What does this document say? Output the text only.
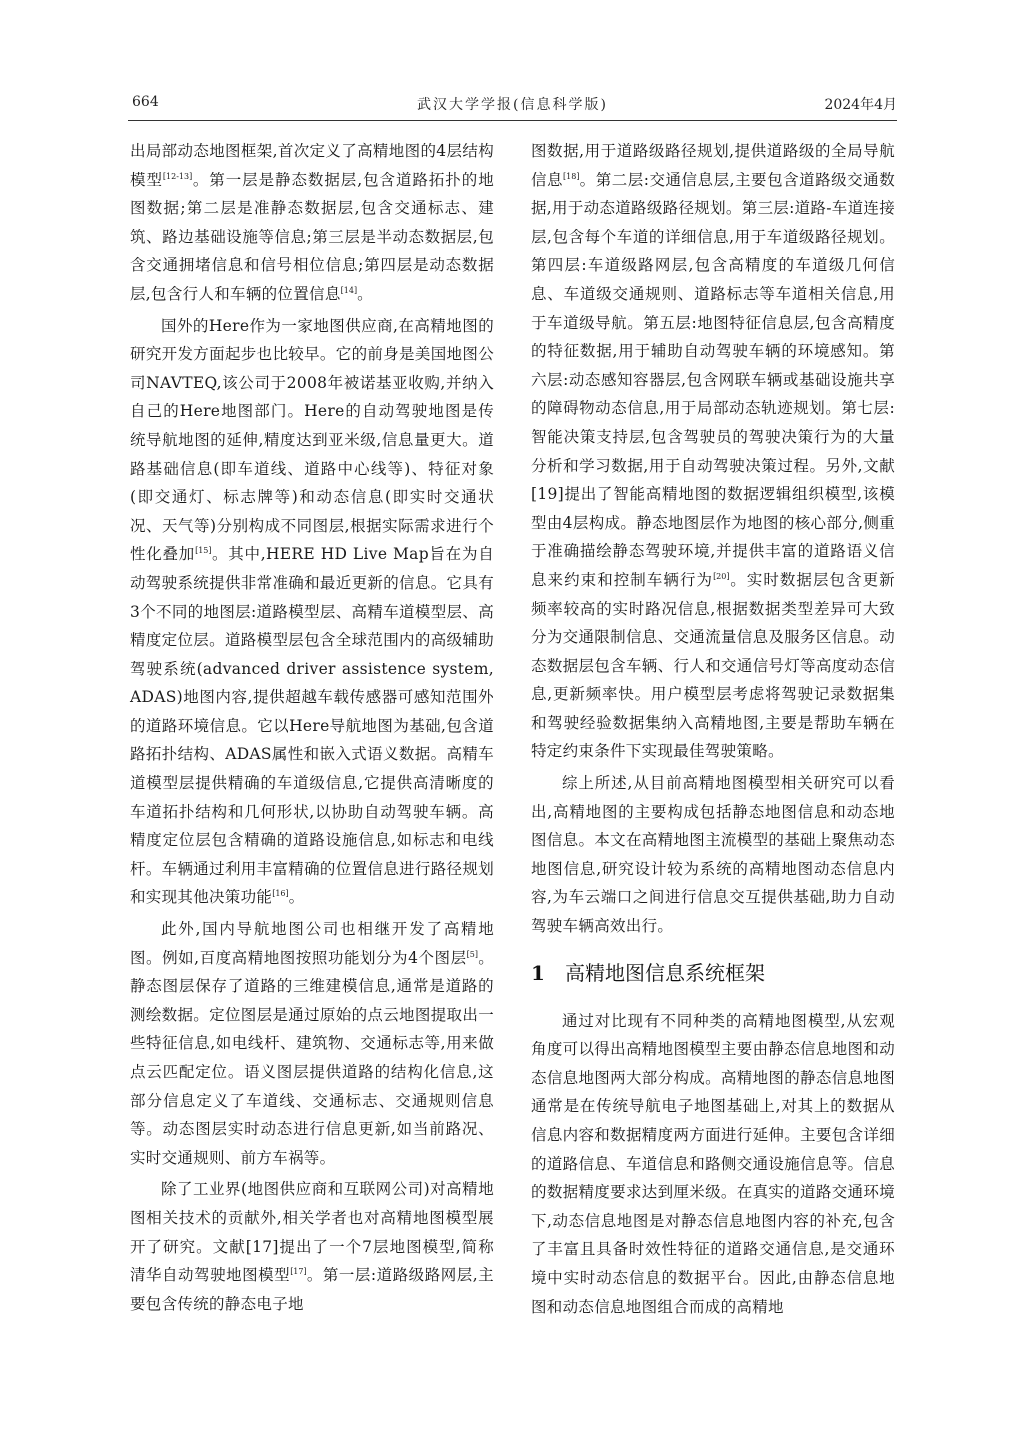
664	武汉大学学报(信息科学版)	2024年4月

出局部动态地图框架,首次定义了高精地图的4层结构模型[12-13]。第一层是静态数据层,包含道路拓扑的地图数据;第二层是准静态数据层,包含交通标志、建筑、路边基础设施等信息;第三层是半动态数据层,包含交通拥堵信息和信号相位信息;第四层是动态数据层,包含行人和车辆的位置信息[14]。

国外的Here作为一家地图供应商,在高精地图的研究开发方面起步也比较早。它的前身是美国地图公司NAVTEQ,该公司于2008年被诺基亚收购,并纳入自己的Here地图部门。Here的自动驾驶地图是传统导航地图的延伸,精度达到亚米级,信息量更大。道路基础信息(即车道线、道路中心线等)、特征对象(即交通灯、标志牌等)和动态信息(即实时交通状况、天气等)分别构成不同图层,根据实际需求进行个性化叠加[15]。其中,HERE HD Live Map旨在为自动驾驶系统提供非常准确和最近更新的信息。它具有3个不同的地图层:道路模型层、高精车道模型层、高精度定位层。道路模型层包含全球范围内的高级辅助驾驶系统(advanced driver assistence system, ADAS)地图内容,提供超越车载传感器可感知范围外的道路环境信息。它以Here导航地图为基础,包含道路拓扑结构、ADAS属性和嵌入式语义数据。高精车道模型层提供精确的车道级信息,它提供高清晰度的车道拓扑结构和几何形状,以协助自动驾驶车辆。高精度定位层包含精确的道路设施信息,如标志和电线杆。车辆通过利用丰富精确的位置信息进行路径规划和实现其他决策功能[16]。

此外,国内导航地图公司也相继开发了高精地图。例如,百度高精地图按照功能划分为4个图层[5]。静态图层保存了道路的三维建模信息,通常是道路的测绘数据。定位图层是通过原始的点云地图提取出一些特征信息,如电线杆、建筑物、交通标志等,用来做点云匹配定位。语义图层提供道路的结构化信息,这部分信息定义了车道线、交通标志、交通规则信息等。动态图层实时动态进行信息更新,如当前路况、实时交通规则、前方车祸等。

除了工业界(地图供应商和互联网公司)对高精地图相关技术的贡献外,相关学者也对高精地图模型展开了研究。文献[17]提出了一个7层地图模型,简称清华自动驾驶地图模型[17]。第一层:道路级路网层,主要包含传统的静态电子地

图数据,用于道路级路径规划,提供道路级的全局导航信息[18]。第二层:交通信息层,主要包含道路级交通数据,用于动态道路级路径规划。第三层:道路-车道连接层,包含每个车道的详细信息,用于车道级路径规划。第四层:车道级路网层,包含高精度的车道级几何信息、车道级交通规则、道路标志等车道相关信息,用于车道级导航。第五层:地图特征信息层,包含高精度的特征数据,用于辅助自动驾驶车辆的环境感知。第六层:动态感知容器层,包含网联车辆或基础设施共享的障碍物动态信息,用于局部动态轨迹规划。第七层:智能决策支持层,包含驾驶员的驾驶决策行为的大量分析和学习数据,用于自动驾驶决策过程。另外,文献[19]提出了智能高精地图的数据逻辑组织模型,该模型由4层构成。静态地图层作为地图的核心部分,侧重于准确描绘静态驾驶环境,并提供丰富的道路语义信息来约束和控制车辆行为[20]。实时数据层包含更新频率较高的实时路况信息,根据数据类型差异可大致分为交通限制信息、交通流量信息及服务区信息。动态数据层包含车辆、行人和交通信号灯等高度动态信息,更新频率快。用户模型层考虑将驾驶记录数据集和驾驶经验数据集纳入高精地图,主要是帮助车辆在特定约束条件下实现最佳驾驶策略。

综上所述,从目前高精地图模型相关研究可以看出,高精地图的主要构成包括静态地图信息和动态地图信息。本文在高精地图主流模型的基础上聚焦动态地图信息,研究设计较为系统的高精地图动态信息内容,为车云端口之间进行信息交互提供基础,助力自动驾驶车辆高效出行。

1 高精地图信息系统框架

通过对比现有不同种类的高精地图模型,从宏观角度可以得出高精地图模型主要由静态信息地图和动态信息地图两大部分构成。高精地图的静态信息地图通常是在传统导航电子地图基础上,对其上的数据从信息内容和数据精度两方面进行延伸。主要包含详细的道路信息、车道信息和路侧交通设施信息等。信息的数据精度要求达到厘米级。在真实的道路交通环境下,动态信息地图是对静态信息地图内容的补充,包含了丰富且具备时效性特征的道路交通信息,是交通环境中实时动态信息的数据平台。因此,由静态信息地图和动态信息地图组合而成的高精地
